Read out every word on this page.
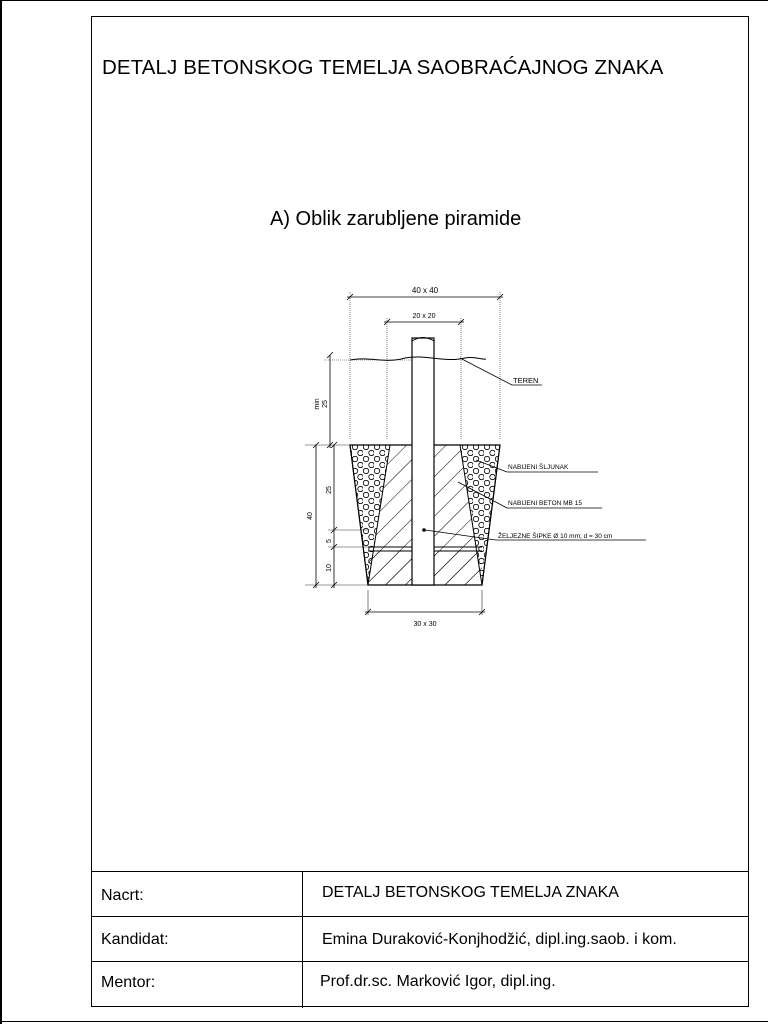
DETALJ BETONSKOG TEMELJA SAOBRAĆAJNOG ZNAKA
A) Oblik zarubljene piramide
40 x 40
20 x 20
30 x 30
min 25
40
25
5
10
TEREN
NABIJENI ŠLJUNAK
NABIJENI BETON MB 15
ŽELJEZNE ŠIPKE Ø 10 mm; d = 30 cm
Nacrt:
Kandidat:
Mentor:
DETALJ BETONSKOG TEMELJA ZNAKA
Emina Duraković-Konjhodžić, dipl.ing.saob. i kom.
Prof.dr.sc. Marković Igor, dipl.ing.
